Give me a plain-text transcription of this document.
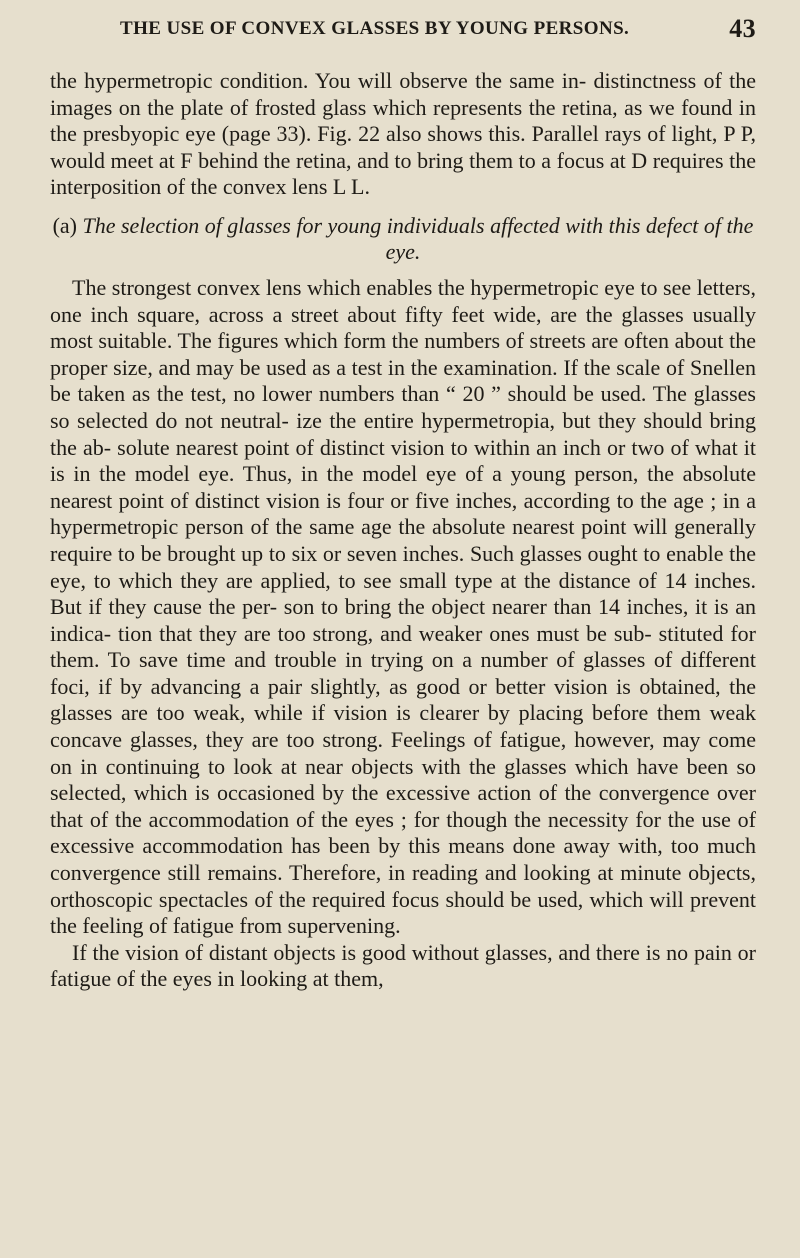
THE USE OF CONVEX GLASSES BY YOUNG PERSONS.	43

the hypermetropic condition. You will observe the same in- distinctness of the images on the plate of frosted glass which represents the retina, as we found in the presbyopic eye (page 33). Fig. 22 also shows this. Parallel rays of light, P P, would meet at F behind the retina, and to bring them to a focus at D requires the interposition of the convex lens L L.

(a) The selection of glasses for young individuals affected with this defect of the eye.

The strongest convex lens which enables the hypermetropic eye to see letters, one inch square, across a street about fifty feet wide, are the glasses usually most suitable. The figures which form the numbers of streets are often about the proper size, and may be used as a test in the examination. If the scale of Snellen be taken as the test, no lower numbers than “ 20 ” should be used. The glasses so selected do not neutral- ize the entire hypermetropia, but they should bring the ab- solute nearest point of distinct vision to within an inch or two of what it is in the model eye. Thus, in the model eye of a young person, the absolute nearest point of distinct vision is four or five inches, according to the age ; in a hypermetropic person of the same age the absolute nearest point will generally require to be brought up to six or seven inches. Such glasses ought to enable the eye, to which they are applied, to see small type at the distance of 14 inches. But if they cause the per- son to bring the object nearer than 14 inches, it is an indica- tion that they are too strong, and weaker ones must be sub- stituted for them. To save time and trouble in trying on a number of glasses of different foci, if by advancing a pair slightly, as good or better vision is obtained, the glasses are too weak, while if vision is clearer by placing before them weak concave glasses, they are too strong. Feelings of fatigue, however, may come on in continuing to look at near objects with the glasses which have been so selected, which is occasioned by the excessive action of the convergence over that of the accommodation of the eyes ; for though the necessity for the use of excessive accommodation has been by this means done away with, too much convergence still remains. Therefore, in reading and looking at minute objects, orthoscopic spectacles of the required focus should be used, which will prevent the feeling of fatigue from supervening.

If the vision of distant objects is good without glasses, and there is no pain or fatigue of the eyes in looking at them,
